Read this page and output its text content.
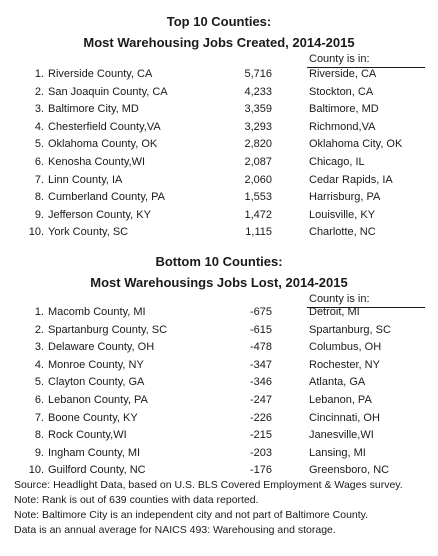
Top 10 Counties:
Most Warehousing Jobs Created, 2014-2015
County is in:
1. Riverside County, CA	5,716	Riverside, CA
2. San Joaquin County, CA	4,233	Stockton, CA
3. Baltimore City, MD	3,359	Baltimore, MD
4. Chesterfield County,VA	3,293	Richmond,VA
5. Oklahoma County, OK	2,820	Oklahoma City, OK
6. Kenosha County,WI	2,087	Chicago, IL
7. Linn County, IA	2,060	Cedar Rapids, IA
8. Cumberland County, PA	1,553	Harrisburg, PA
9. Jefferson County, KY	1,472	Louisville, KY
10. York County, SC	1,115	Charlotte, NC
Bottom 10 Counties:
Most Warehousings Jobs Lost, 2014-2015
County is in:
1. Macomb County, MI	-675	Detroit, MI
2. Spartanburg County, SC	-615	Spartanburg, SC
3. Delaware County, OH	-478	Columbus, OH
4. Monroe County, NY	-347	Rochester, NY
5. Clayton County, GA	-346	Atlanta, GA
6. Lebanon County, PA	-247	Lebanon, PA
7. Boone County, KY	-226	Cincinnati, OH
8. Rock County,WI	-215	Janesville,WI
9. Ingham County, MI	-203	Lansing, MI
10. Guilford County, NC	-176	Greensboro, NC
Source: Headlight Data, based on U.S. BLS Covered Employment & Wages survey.
Note: Rank is out of 639 counties with data reported.
Note: Baltimore City is an independent city and not part of Baltimore County.
Data is an annual average for NAICS 493: Warehousing and storage.
